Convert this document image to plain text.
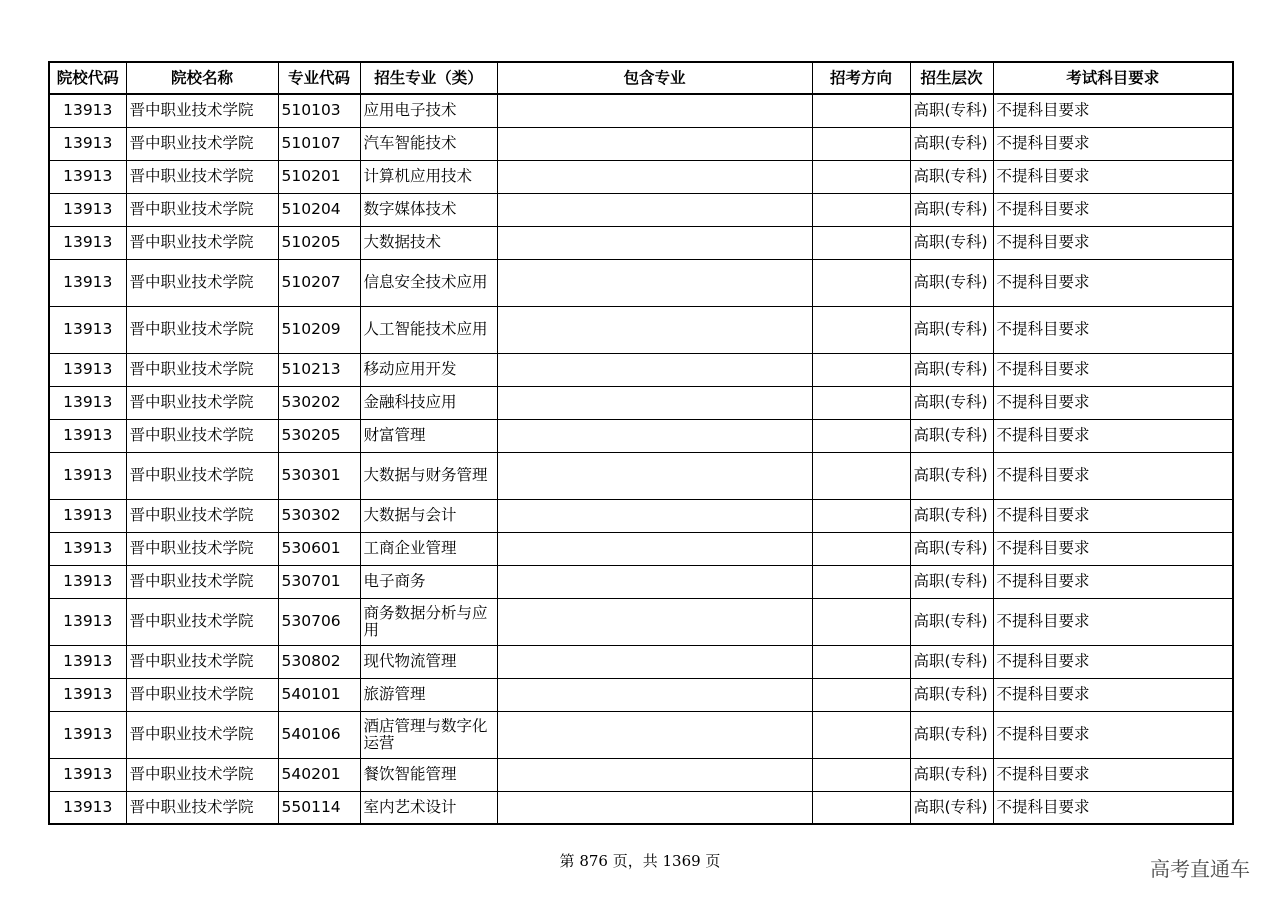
院校代码	院校名称	专业代码	招生专业（类）	包含专业	招考方向	招生层次	考试科目要求
13913	晋中职业技术学院	510103	应用电子技术			高职(专科)	不提科目要求
13913	晋中职业技术学院	510107	汽车智能技术			高职(专科)	不提科目要求
13913	晋中职业技术学院	510201	计算机应用技术			高职(专科)	不提科目要求
13913	晋中职业技术学院	510204	数字媒体技术			高职(专科)	不提科目要求
13913	晋中职业技术学院	510205	大数据技术			高职(专科)	不提科目要求
13913	晋中职业技术学院	510207	信息安全技术应用			高职(专科)	不提科目要求
13913	晋中职业技术学院	510209	人工智能技术应用			高职(专科)	不提科目要求
13913	晋中职业技术学院	510213	移动应用开发			高职(专科)	不提科目要求
13913	晋中职业技术学院	530202	金融科技应用			高职(专科)	不提科目要求
13913	晋中职业技术学院	530205	财富管理			高职(专科)	不提科目要求
13913	晋中职业技术学院	530301	大数据与财务管理			高职(专科)	不提科目要求
13913	晋中职业技术学院	530302	大数据与会计			高职(专科)	不提科目要求
13913	晋中职业技术学院	530601	工商企业管理			高职(专科)	不提科目要求
13913	晋中职业技术学院	530701	电子商务			高职(专科)	不提科目要求
13913	晋中职业技术学院	530706	商务数据分析与应用			高职(专科)	不提科目要求
13913	晋中职业技术学院	530802	现代物流管理			高职(专科)	不提科目要求
13913	晋中职业技术学院	540101	旅游管理			高职(专科)	不提科目要求
13913	晋中职业技术学院	540106	酒店管理与数字化运营			高职(专科)	不提科目要求
13913	晋中职业技术学院	540201	餐饮智能管理			高职(专科)	不提科目要求
13913	晋中职业技术学院	550114	室内艺术设计			高职(专科)	不提科目要求
第 876 页，共 1369 页	高考直通车
